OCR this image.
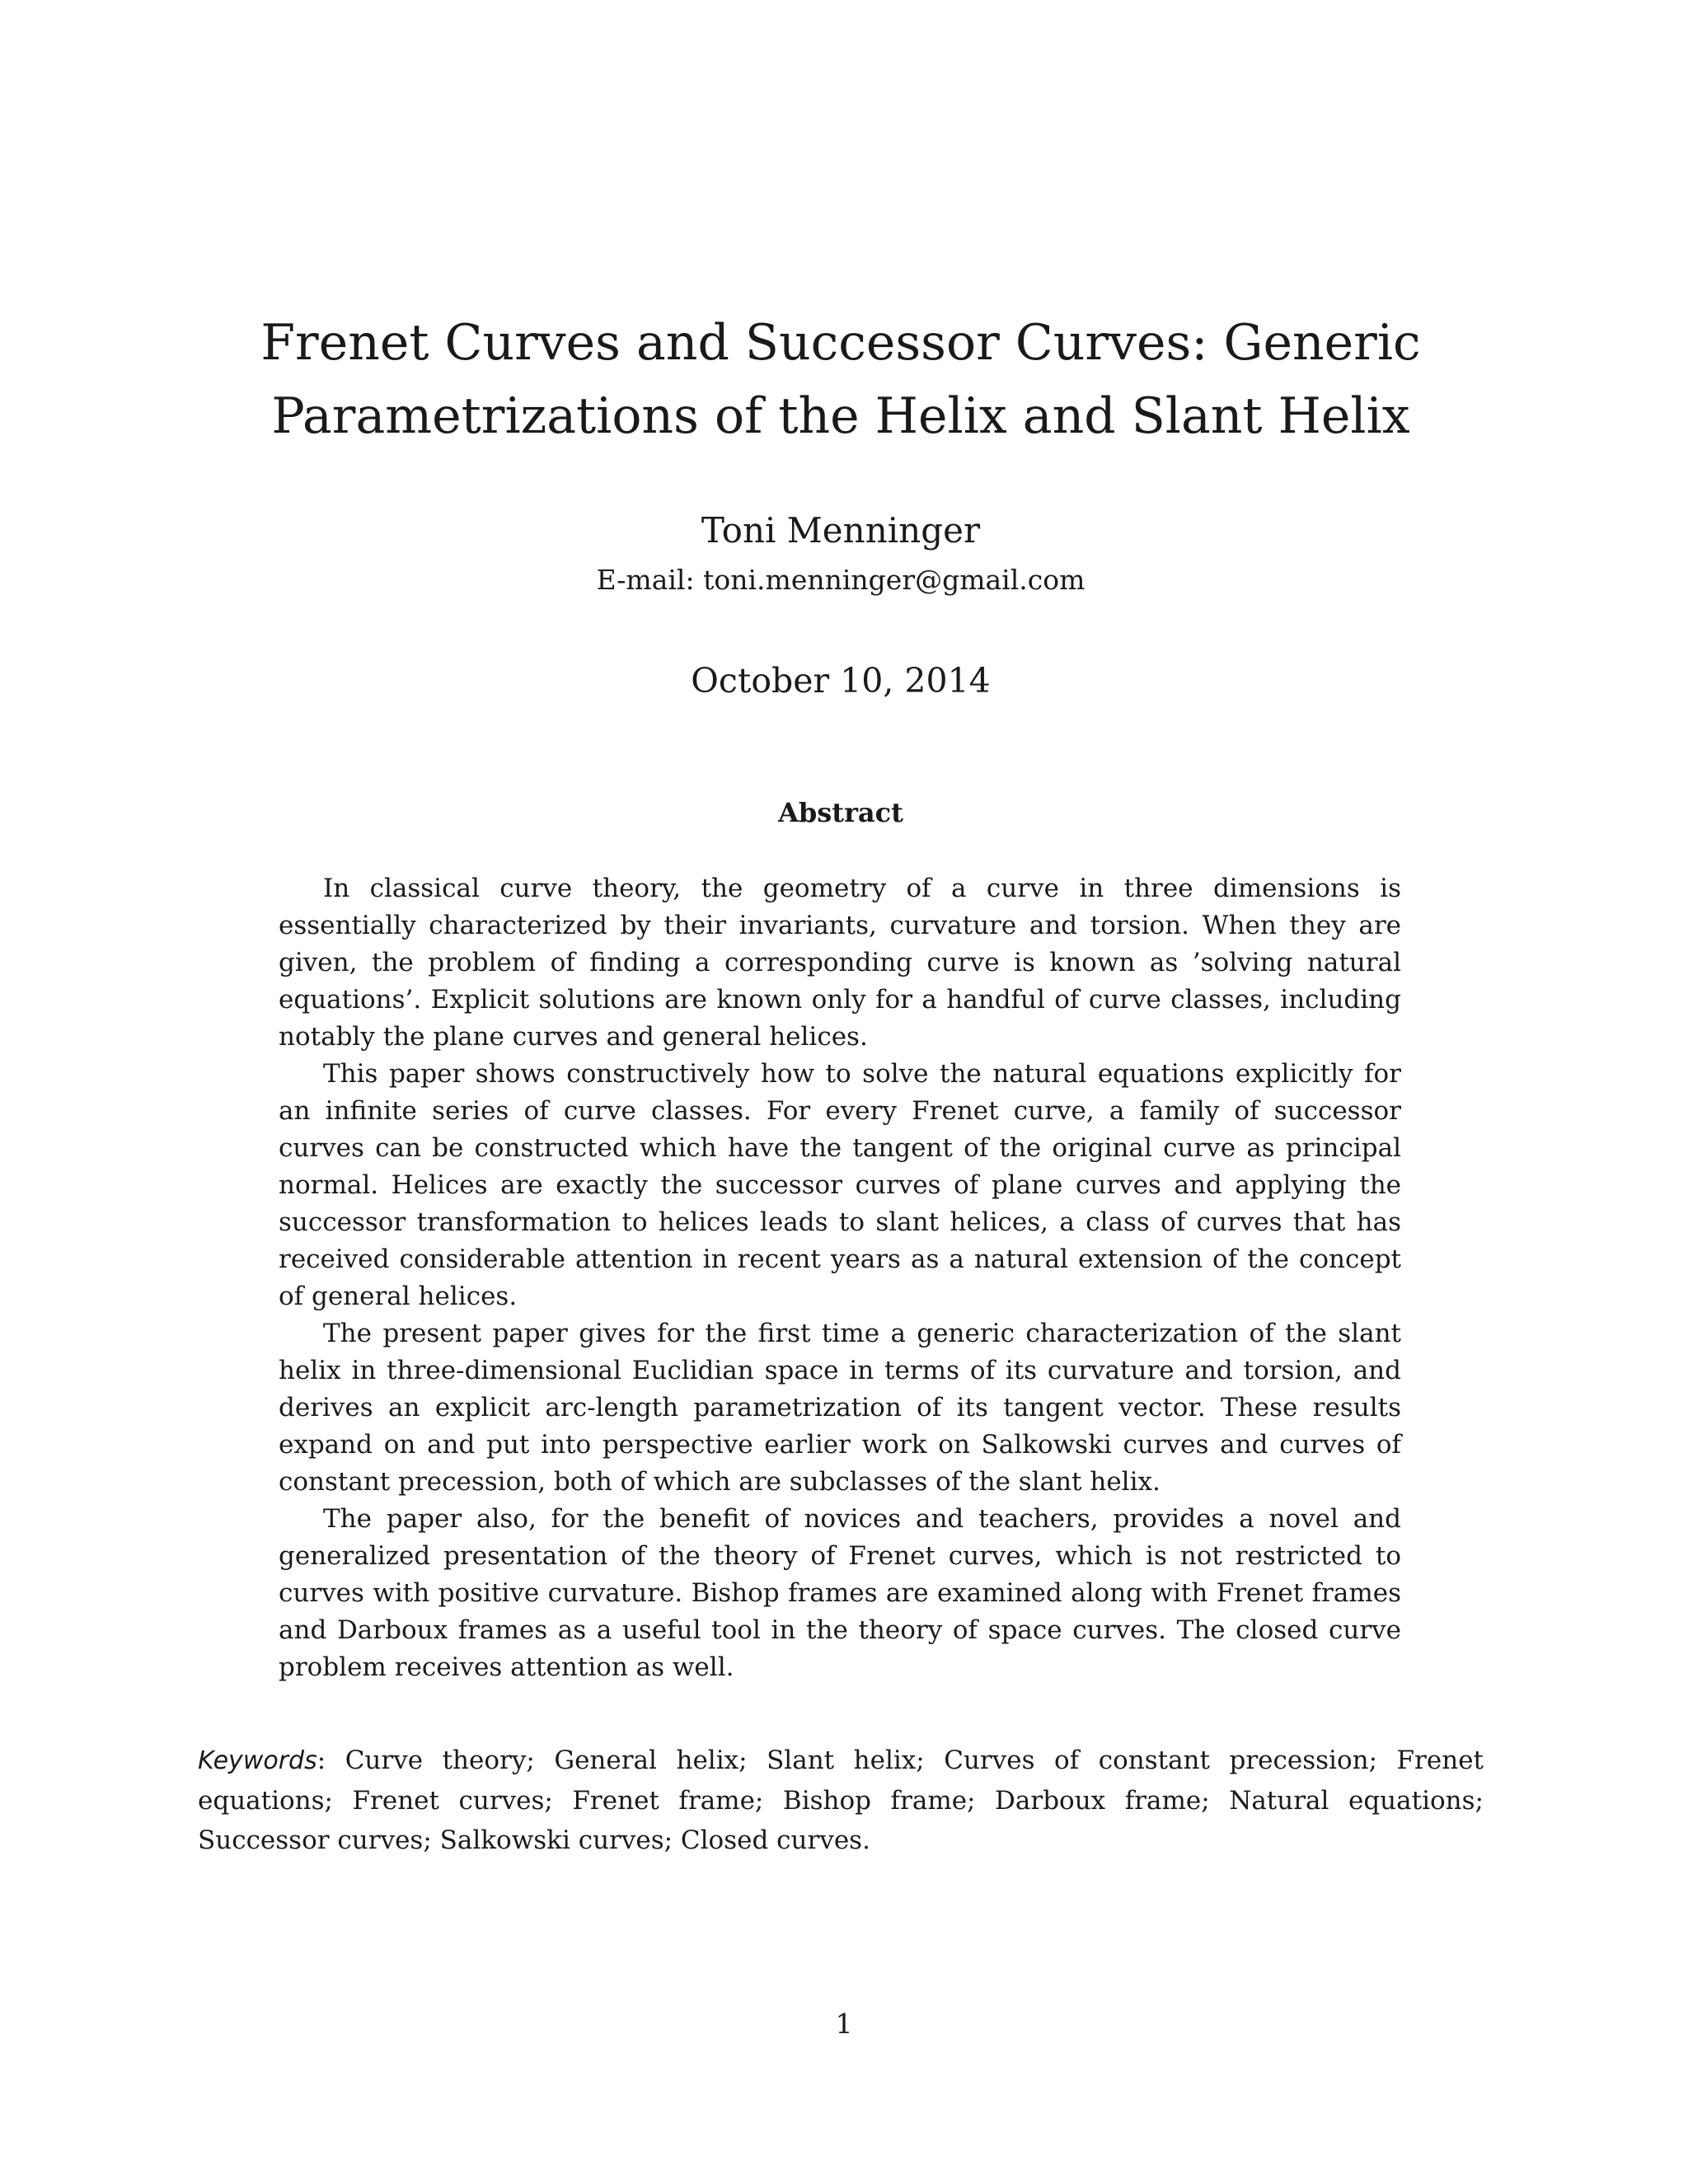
Frenet Curves and Successor Curves: Generic
Parametrizations of the Helix and Slant Helix
Toni Menninger
E-mail: toni.menninger@gmail.com
October 10, 2014
Abstract

In classical curve theory, the geometry of a curve in three dimensions is essentially characterized by their invariants, curvature and torsion. When they are given, the problem of finding a corresponding curve is known as ’solving natural equations’. Explicit solutions are known only for a handful of curve classes, including notably the plane curves and general helices.

This paper shows constructively how to solve the natural equations explicitly for an infinite series of curve classes. For every Frenet curve, a family of successor curves can be constructed which have the tangent of the original curve as principal normal. Helices are exactly the successor curves of plane curves and applying the successor transformation to helices leads to slant helices, a class of curves that has received considerable attention in recent years as a natural extension of the concept of general helices.

The present paper gives for the first time a generic characterization of the slant helix in three-dimensional Euclidian space in terms of its curvature and torsion, and derives an explicit arc-length parametrization of its tangent vector. These results expand on and put into perspective earlier work on Salkowski curves and curves of constant precession, both of which are subclasses of the slant helix.

The paper also, for the benefit of novices and teachers, provides a novel and generalized presentation of the theory of Frenet curves, which is not restricted to curves with positive curvature. Bishop frames are examined along with Frenet frames and Darboux frames as a useful tool in the theory of space curves. The closed curve problem receives attention as well.

Keywords: Curve theory; General helix; Slant helix; Curves of constant precession; Frenet equations; Frenet curves; Frenet frame; Bishop frame; Darboux frame; Natural equations; Successor curves; Salkowski curves; Closed curves.
1
